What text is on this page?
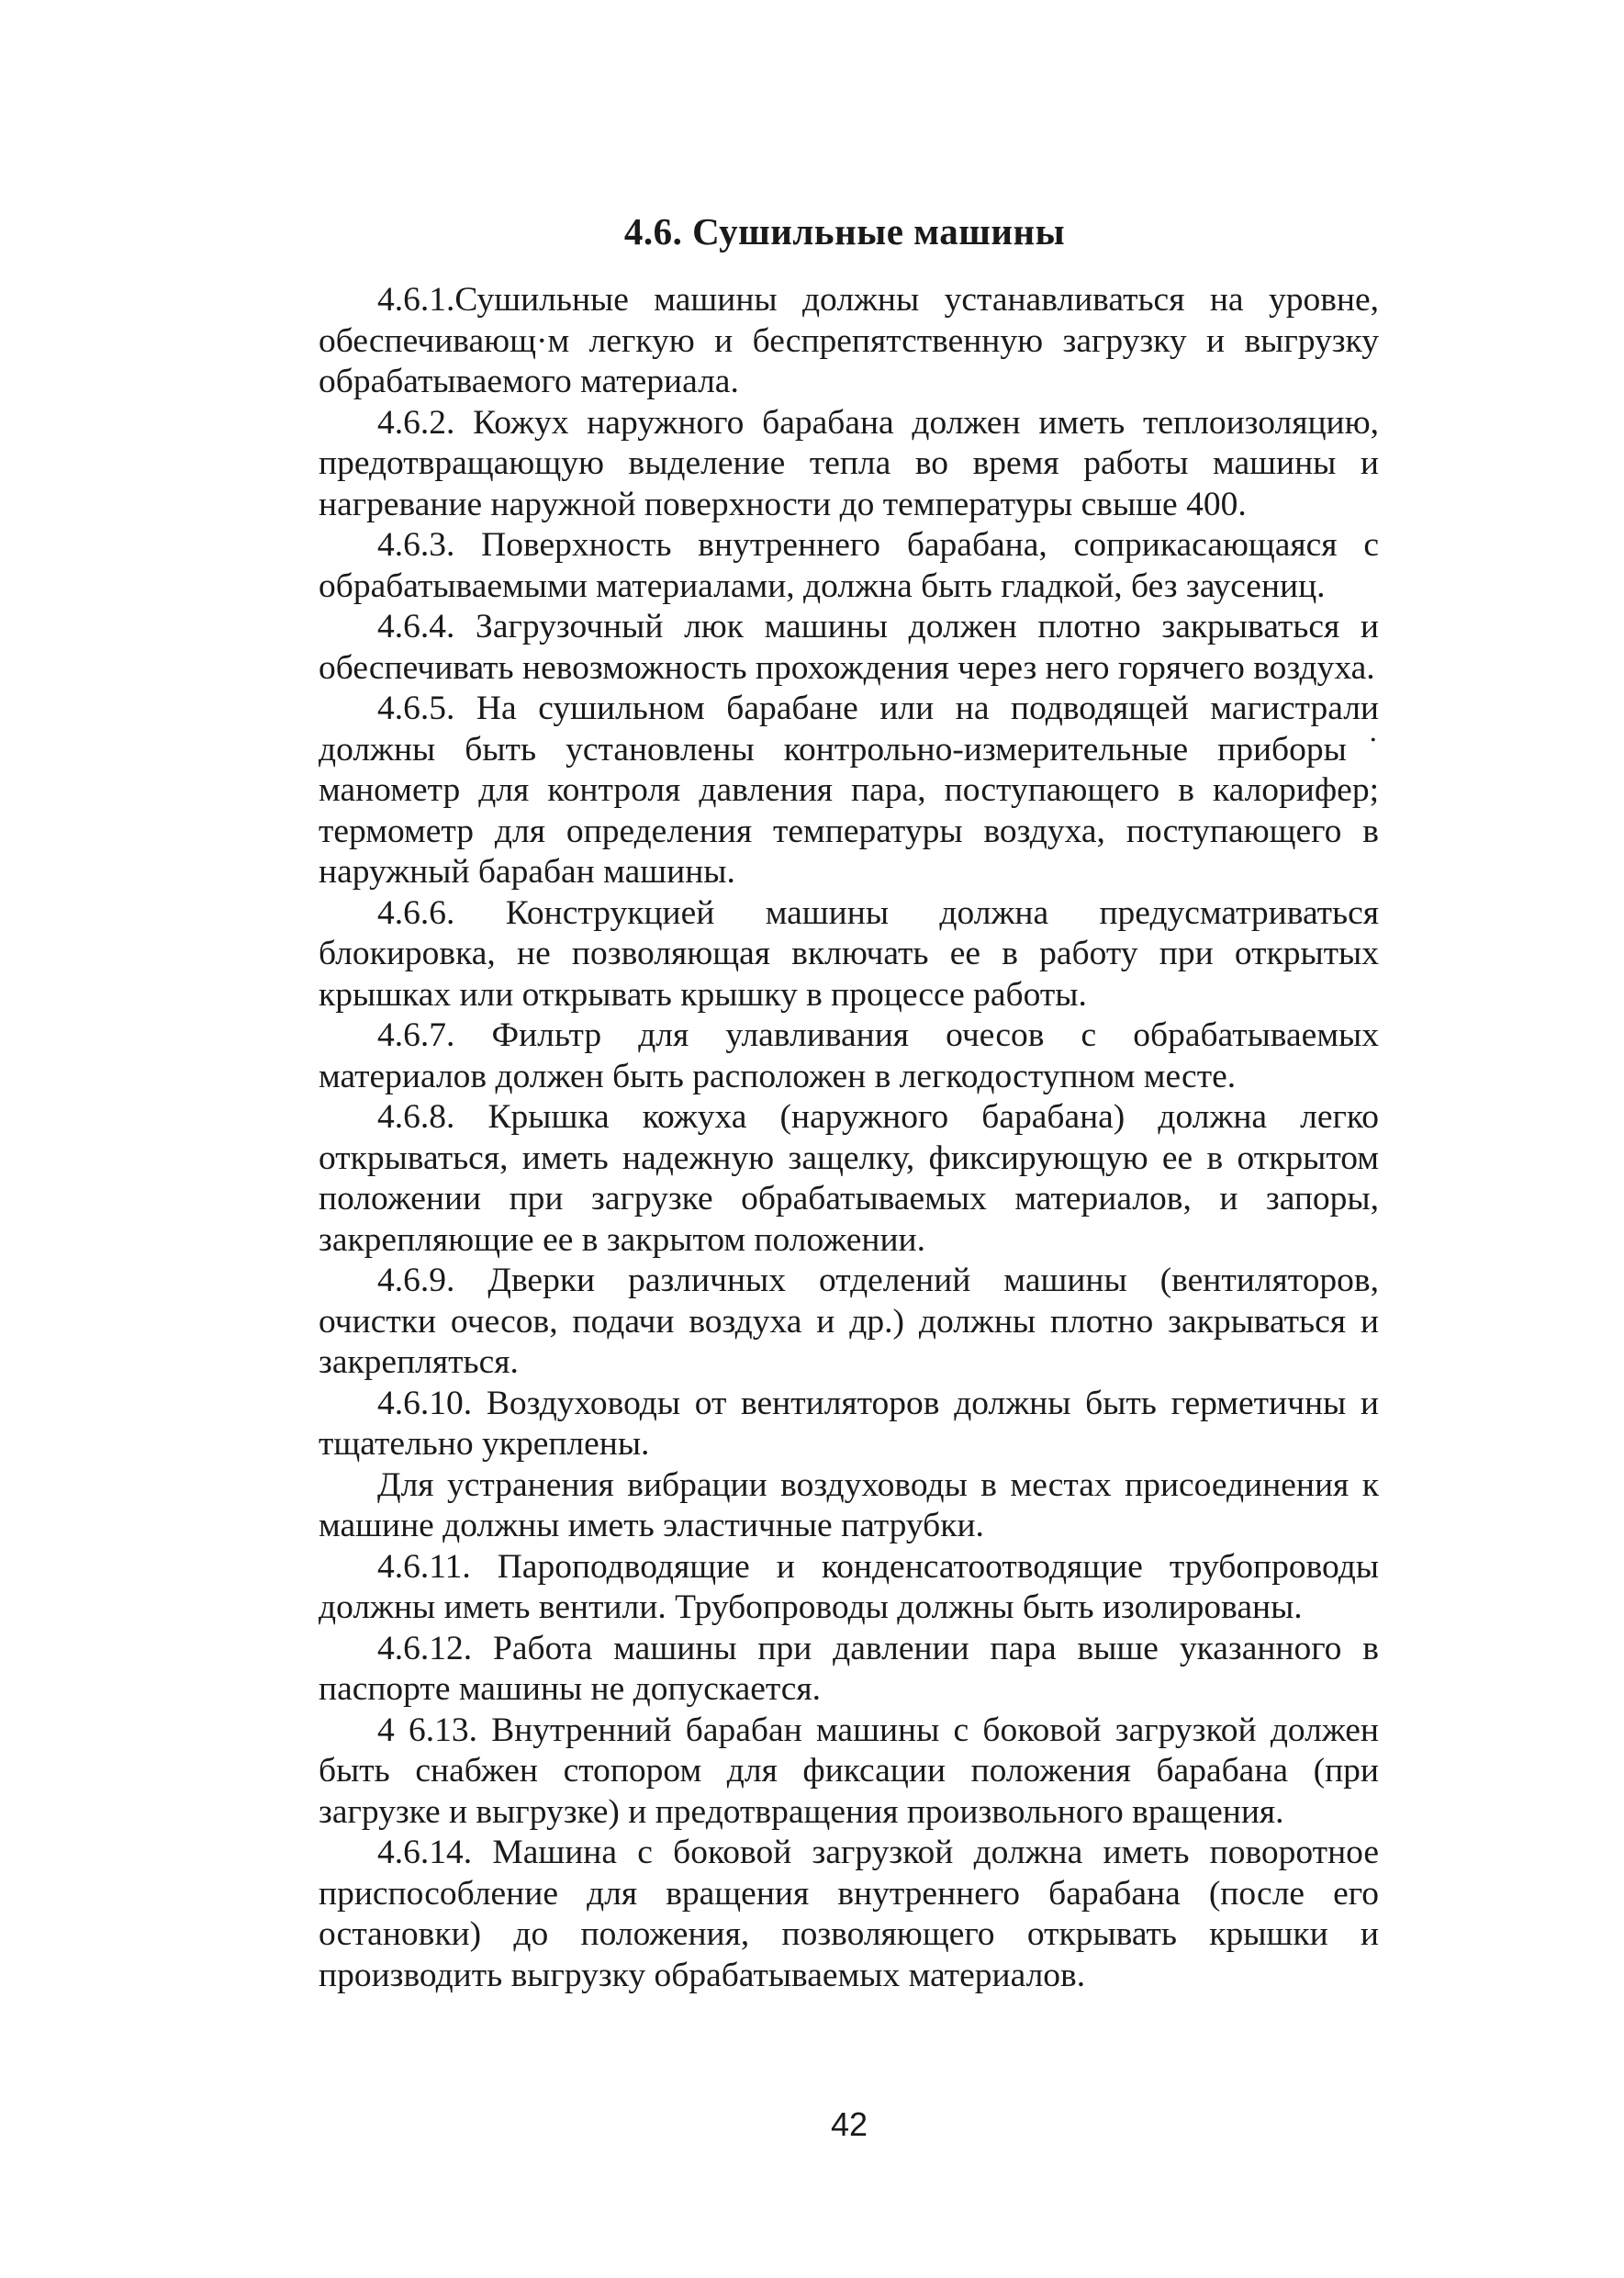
4.6. Сушильные машины

4.6.1.Сушильные машины должны устанавливаться на уровне, обеспечивающ·м легкую и беспрепятственную загрузку и выгрузку обрабатываемого материала.

4.6.2. Кожух наружного барабана должен иметь теплоизоляцию, предотвращающую выделение тепла во время работы машины и нагревание наружной поверхности до температуры свыше 400.

4.6.3. Поверхность внутреннего барабана, соприкасающаяся с обрабатываемыми материалами, должна быть гладкой, без заусениц.

4.6.4. Загрузочный люк машины должен плотно закрываться и обеспечивать невозможность прохождения через него горячего воздуха.

4.6.5. На сушильном барабане или на подводящей магистрали должны быть установлены контрольно-измерительные приборы˙ манометр для контроля давления пара, поступающего в калорифер; термометр для определения температуры воздуха, поступающего в наружный барабан машины.

4.6.6. Конструкцией машины должна предусматриваться блокировка, не позволяющая включать ее в работу при открытых крышках или открывать крышку в процессе работы.

4.6.7. Фильтр для улавливания очесов с обрабатываемых материалов должен быть расположен в легкодоступном месте.

4.6.8. Крышка кожуха (наружного барабана) должна легко открываться, иметь надежную защелку, фиксирующую ее в открытом положении при загрузке обрабатываемых материалов, и запоры, закрепляющие ее в закрытом положении.

4.6.9. Дверки различных отделений машины (вентиляторов, очистки очесов, подачи воздуха и др.) должны плотно закрываться и закрепляться.

4.6.10. Воздуховоды от вентиляторов должны быть герметичны и тщательно укреплены.

Для устранения вибрации воздуховоды в местах присоединения к машине должны иметь эластичные патрубки.

4.6.11. Пароподводящие и конденсатоотводящие трубопроводы должны иметь вентили. Трубопроводы должны быть изолированы.

4.6.12. Работа машины при давлении пара выше указанного в паспорте машины не допускается.

4 6.13. Внутренний барабан машины с боковой загрузкой должен быть снабжен стопором для фиксации положения барабана (при загрузке и выгрузке) и предотвращения произвольного вращения.

4.6.14. Машина с боковой загрузкой должна иметь поворотное приспособление для вращения внутреннего барабана (после его остановки) до положения, позволяющего открывать крышки и производить выгрузку обрабатываемых материалов.

42
